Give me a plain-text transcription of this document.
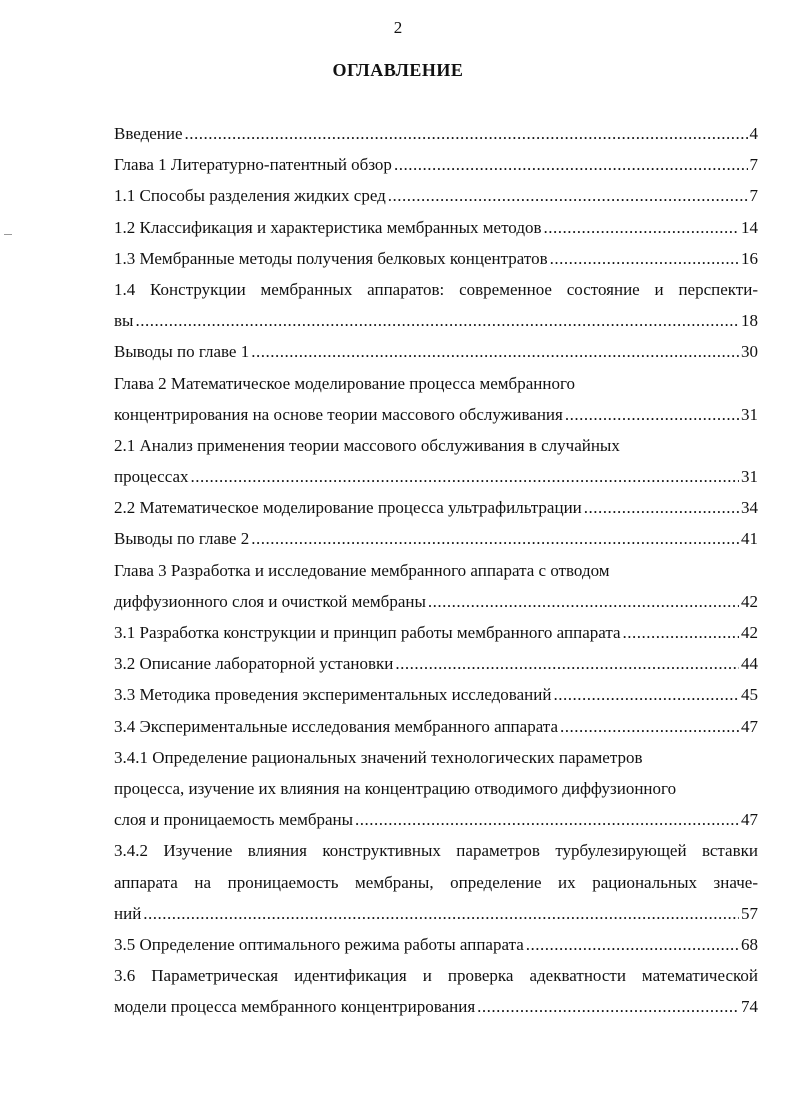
2
ОГЛАВЛЕНИЕ
Введение .....	4
Глава 1 Литературно-патентный обзор .....	7
1.1 Способы разделения жидких сред .....	7
1.2 Классификация и характеристика мембранных методов .....	14
1.3 Мембранные методы получения белковых концентратов .....	16
1.4 Конструкции мембранных аппаратов: современное состояние и перспекти-
вы .....	18
Выводы по главе 1 .....	30
Глава 2 Математическое моделирование процесса мембранного
концентрирования на основе теории массового обслуживания .....	31
2.1 Анализ применения теории массового обслуживания в случайных
процессах .....	31
2.2 Математическое моделирование процесса ультрафильтрации .....	34
Выводы по главе 2 .....	41
Глава 3 Разработка и исследование мембранного аппарата с отводом
диффузионного слоя и очисткой мембраны .....	42
3.1 Разработка конструкции и принцип работы мембранного аппарата .....	42
3.2 Описание лабораторной установки .....	44
3.3 Методика проведения экспериментальных исследований .....	45
3.4 Экспериментальные исследования мембранного аппарата .....	47
3.4.1 Определение рациональных значений технологических параметров
процесса, изучение их влияния на концентрацию отводимого диффузионного
слоя и проницаемость мембраны .....	47
3.4.2 Изучение влияния конструктивных параметров турбулезирующей вставки
аппарата на проницаемость мембраны, определение их рациональных значе-
ний .....	57
3.5 Определение оптимального режима работы аппарата .....	68
3.6 Параметрическая идентификация и проверка адекватности математической
модели процесса мембранного концентрирования .....	74
